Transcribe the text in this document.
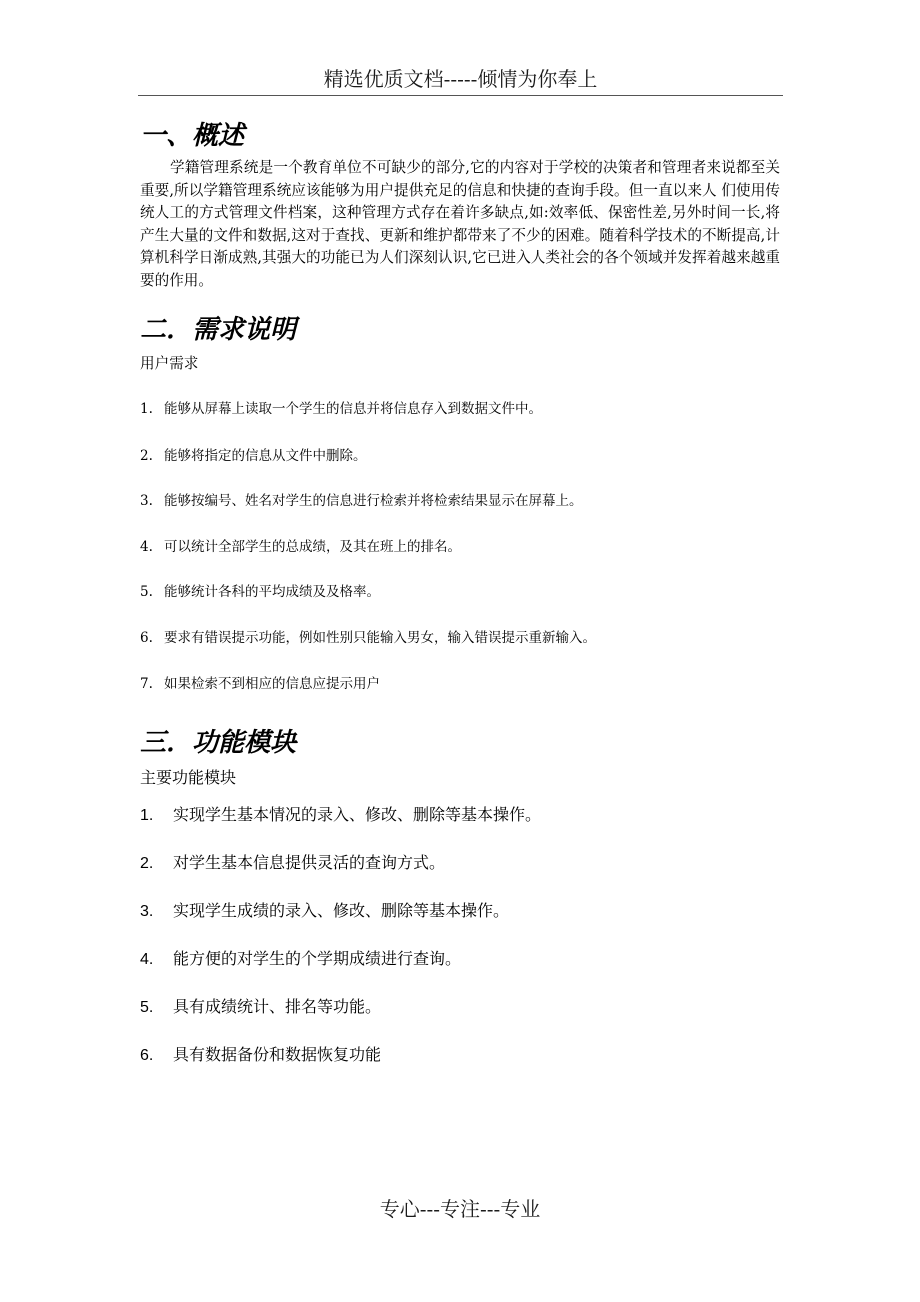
精选优质文档-----倾情为你奉上
一、概述

学籍管理系统是一个教育单位不可缺少的部分,它的内容对于学校的决策者和管理者来说都至关重要,所以学籍管理系统应该能够为用户提供充足的信息和快捷的查询手段。但一直以来人 们使用传统人工的方式管理文件档案，这种管理方式存在着许多缺点,如:效率低、保密性差,另外时间一长,将产生大量的文件和数据,这对于查找、更新和维护都带来了不少的困难。随着科学技术的不断提高,计算机科学日渐成熟,其强大的功能已为人们深刻认识,它已进入人类社会的各个领域并发挥着越来越重要的作用。

二．需求说明
用户需求
1. 能够从屏幕上读取一个学生的信息并将信息存入到数据文件中。
2. 能够将指定的信息从文件中删除。
3. 能够按编号、姓名对学生的信息进行检索并将检索结果显示在屏幕上。
4. 可以统计全部学生的总成绩，及其在班上的排名。
5. 能够统计各科的平均成绩及及格率。
6. 要求有错误提示功能，例如性别只能输入男女，输入错误提示重新输入。
7. 如果检索不到相应的信息应提示用户
三．功能模块
主要功能模块
1. 实现学生基本情况的录入、修改、删除等基本操作。
2. 对学生基本信息提供灵活的查询方式。
3. 实现学生成绩的录入、修改、删除等基本操作。
4. 能方便的对学生的个学期成绩进行查询。
5. 具有成绩统计、排名等功能。
6. 具有数据备份和数据恢复功能
专心---专注---专业
